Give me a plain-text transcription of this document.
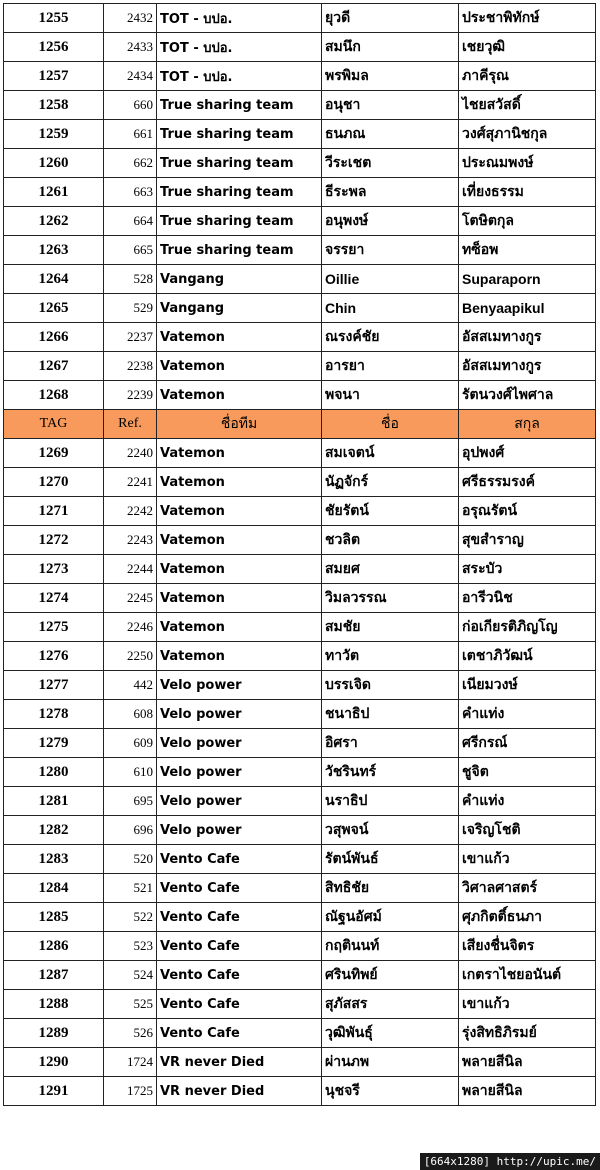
1255	2432	TOT - บปอ.	ยุวดี	ประชาพิทักษ์
1256	2433	TOT - บปอ.	สมนึก	เชยวุฒิ
1257	2434	TOT - บปอ.	พรพิมล	ภาคีรุณ
1258	660	True sharing team	อนุชา	ไชยสวัสดิ์
1259	661	True sharing team	ธนภณ	วงศ์สุภานิชกุล
1260	662	True sharing team	วีระเชต	ประณมพงษ์
1261	663	True sharing team	ธีระพล	เที่ยงธรรม
1262	664	True sharing team	อนุพงษ์	โตษิตกุล
1263	665	True sharing team	จรรยา	ทซ็อพ
1264	528	Vangang	Oillie	Suparaporn
1265	529	Vangang	Chin	Benyaapikul
1266	2237	Vatemon	ณรงค์ชัย	อัสสเมทางกูร
1267	2238	Vatemon	อารยา	อัสสเมทางกูร
1268	2239	Vatemon	พจนา	รัตนวงศ์ไพศาล
TAG	Ref.	ชื่อทีม	ชื่อ	สกุล
1269	2240	Vatemon	สมเจตน์	อุปพงศ์
1270	2241	Vatemon	นัฏจักร์	ศรีธรรมรงค์
1271	2242	Vatemon	ชัยรัตน์	อรุณรัตน์
1272	2243	Vatemon	ชวลิต	สุขสำราญ
1273	2244	Vatemon	สมยศ	สระบัว
1274	2245	Vatemon	วิมลวรรณ	อารีวนิช
1275	2246	Vatemon	สมชัย	ก่อเกียรติภิญโญ
1276	2250	Vatemon	ทาวัต	เตชาภิวัฒน์
1277	442	Velo power	บรรเจิด	เนียมวงษ์
1278	608	Velo power	ชนาธิป	คำแท่ง
1279	609	Velo power	อิศรา	ศรีกรณ์
1280	610	Velo power	วัชรินทร์	ชูจิต
1281	695	Velo power	นราธิป	คำแท่ง
1282	696	Velo power	วสุพจน์	เจริญโชติ
1283	520	Vento Cafe	รัตน์พันธ์	เขาแก้ว
1284	521	Vento Cafe	สิทธิชัย	วิศาลศาสตร์
1285	522	Vento Cafe	ณัฐนอัศม์	ศุภกิตติ์ธนภา
1286	523	Vento Cafe	กฤตินนท์	เสียงชื่นจิตร
1287	524	Vento Cafe	ศรินทิพย์	เกตราไชยอนันต์
1288	525	Vento Cafe	สุภัสสร	เขาแก้ว
1289	526	Vento Cafe	วุฒิพันธุ์	รุ่งสิทธิภิรมย์
1290	1724	VR never Died	ผ่านภพ	พลายสีนิล
1291	1725	VR never Died	นุชจรี	พลายสีนิล
[664x1280] http://upic.me/
